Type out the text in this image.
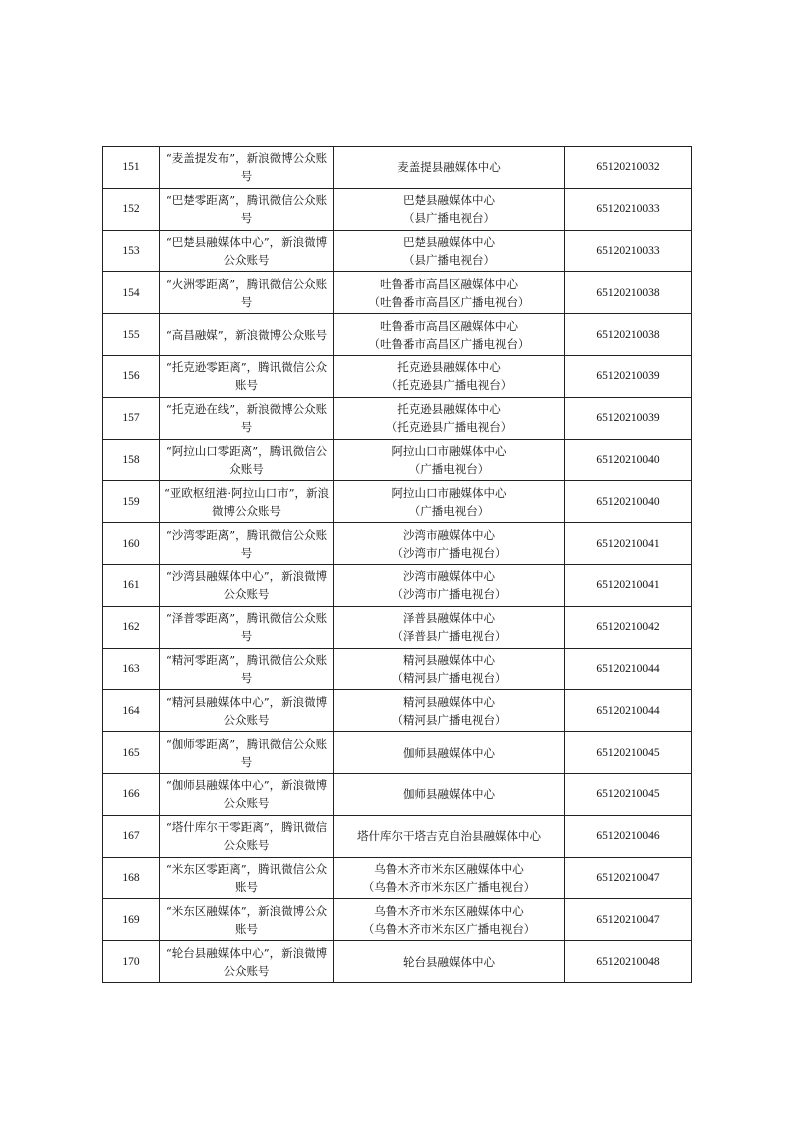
151	“麦盖提发布”，新浪微博公众账
号	麦盖提县融媒体中心	65120210032
152	“巴楚零距离”，腾讯微信公众账
号	巴楚县融媒体中心
（县广播电视台）	65120210033
153	“巴楚县融媒体中心”，新浪微博
公众账号	巴楚县融媒体中心
（县广播电视台）	65120210033
154	“火洲零距离”，腾讯微信公众账
号	吐鲁番市高昌区融媒体中心
（吐鲁番市高昌区广播电视台）	65120210038
155	“高昌融媒”，新浪微博公众账号	吐鲁番市高昌区融媒体中心
（吐鲁番市高昌区广播电视台）	65120210038
156	“托克逊零距离”，腾讯微信公众
账号	托克逊县融媒体中心
（托克逊县广播电视台）	65120210039
157	“托克逊在线”，新浪微博公众账
号	托克逊县融媒体中心
（托克逊县广播电视台）	65120210039
158	“阿拉山口零距离”，腾讯微信公
众账号	阿拉山口市融媒体中心
（广播电视台）	65120210040
159	“亚欧枢纽港·阿拉山口市”，新浪
微博公众账号	阿拉山口市融媒体中心
（广播电视台）	65120210040
160	“沙湾零距离”，腾讯微信公众账
号	沙湾市融媒体中心
（沙湾市广播电视台）	65120210041
161	“沙湾县融媒体中心”，新浪微博
公众账号	沙湾市融媒体中心
（沙湾市广播电视台）	65120210041
162	“泽普零距离”，腾讯微信公众账
号	泽普县融媒体中心
（泽普县广播电视台）	65120210042
163	“精河零距离”，腾讯微信公众账
号	精河县融媒体中心
（精河县广播电视台）	65120210044
164	“精河县融媒体中心”，新浪微博
公众账号	精河县融媒体中心
（精河县广播电视台）	65120210044
165	“伽师零距离”，腾讯微信公众账
号	伽师县融媒体中心	65120210045
166	“伽师县融媒体中心”，新浪微博
公众账号	伽师县融媒体中心	65120210045
167	“塔什库尔干零距离”，腾讯微信
公众账号	塔什库尔干塔吉克自治县融媒体中心	65120210046
168	“米东区零距离”，腾讯微信公众
账号	乌鲁木齐市米东区融媒体中心
（乌鲁木齐市米东区广播电视台）	65120210047
169	“米东区融媒体”，新浪微博公众
账号	乌鲁木齐市米东区融媒体中心
（乌鲁木齐市米东区广播电视台）	65120210047
170	“轮台县融媒体中心”，新浪微博
公众账号	轮台县融媒体中心	65120210048
